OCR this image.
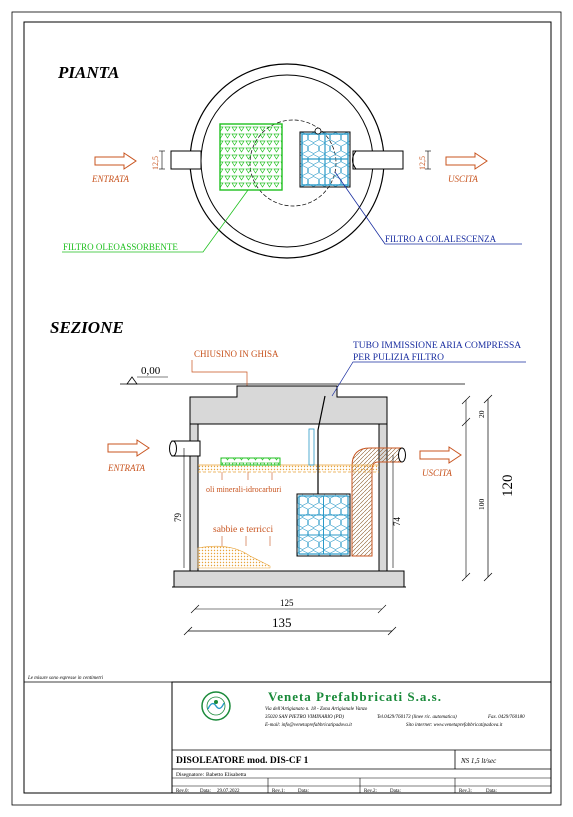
PIANTA
ENTRATA	USCITA
12,5	12,5
FILTRO OLEOASSORBENTE
FILTRO A COLALESCENZA
SEZIONE
0,00
CHIUSINO IN GHISA
TUBO IMMISSIONE ARIA COMPRESSA
PER PULIZIA FILTRO
oli minerali-idrocarburi
sabbie e terricci
ENTRATA	USCITA
79	74
120
20
100
125
135
Le misure sono espresse in centimetri
Veneta Prefabbricati S.a.s.
Via dell'Artigianato n. 18 - Zona Artigianale Vanzo
35020 SAN PIETRO VIMINARIO (PD)	Tel.0429/760173 (linee ric. automatica)	Fax. 0429/760180
E-mail: info@venetaprefabbricatipadova.it	Sito internet: www.venetaprefabbricatipadova.it
DISOLEATORE mod. DIS-CF 1	NS 1,5 lt/sec
Disegnatore: Babetto Elisabetta
Rev.0: Data: 29.07.2022	Rev.1:	Data:	Rev.2:	Data:	Rev.3:	Data:
